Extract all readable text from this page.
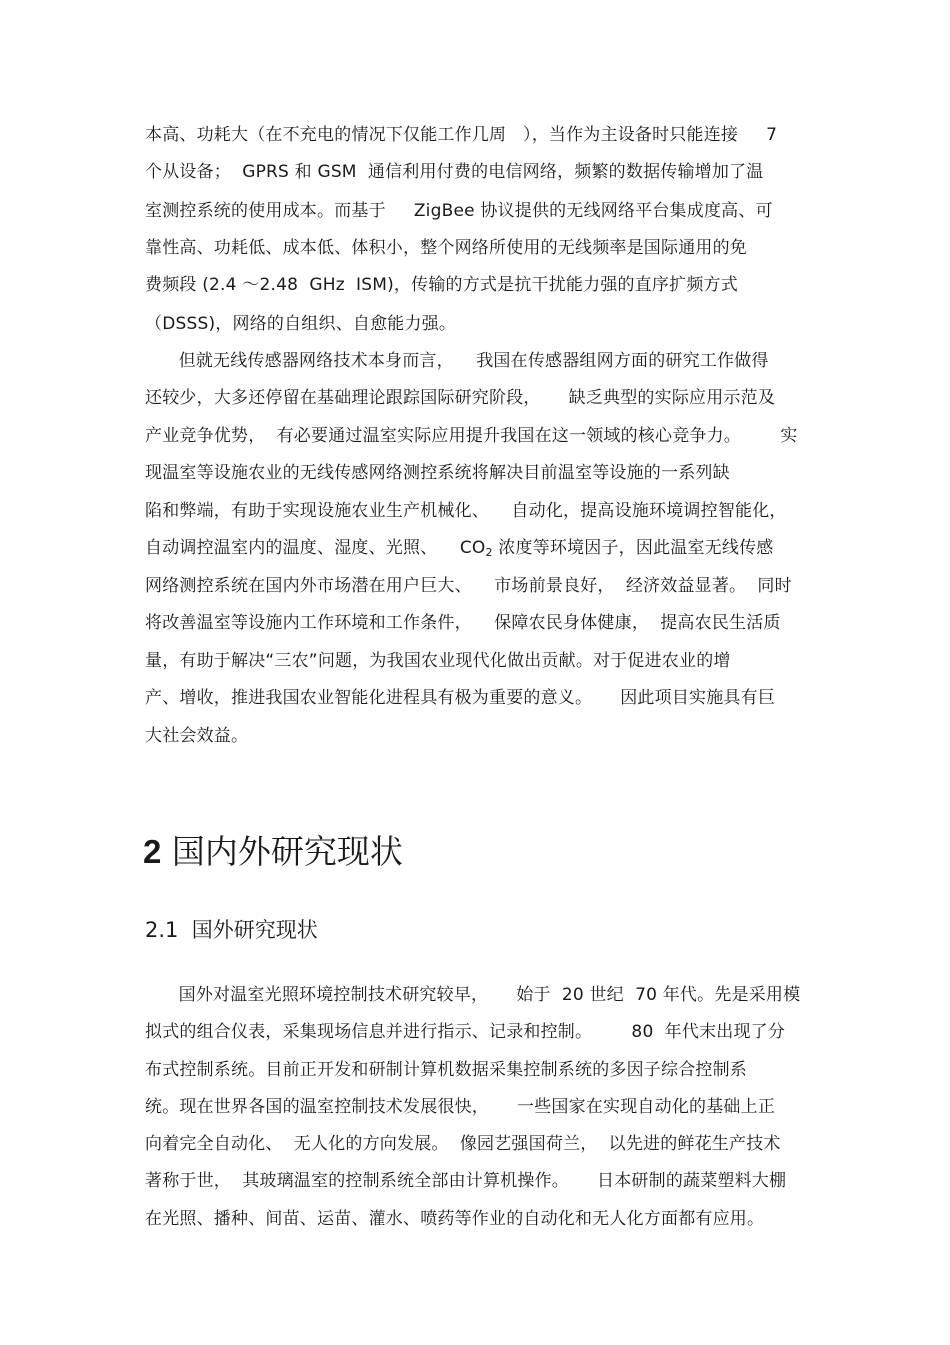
本高、功耗大（在不充电的情况下仅能工作几周   ），当作为主设备时只能连接     7
个从设备；  GPRS 和 GSM  通信利用付费的电信网络，频繁的数据传输增加了温
室测控系统的使用成本。而基于     ZigBee 协议提供的无线网络平台集成度高、可
靠性高、功耗低、成本低、体积小，整个网络所使用的无线频率是国际通用的免
费频段 (2.4 ～2.48  GHz  ISM)，传输的方式是抗干扰能力强的直序扩频方式
（DSSS)，网络的自组织、自愈能力强。
但就无线传感器网络技术本身而言，    我国在传感器组网方面的研究工作做得
还较少，大多还停留在基础理论跟踪国际研究阶段，     缺乏典型的实际应用示范及
产业竞争优势，  有必要通过温室实际应用提升我国在这一领域的核心竞争力。       实
现温室等设施农业的无线传感网络测控系统将解决目前温室等设施的一系列缺
陷和弊端，有助于实现设施农业生产机械化、    自动化，提高设施环境调控智能化，
自动调控温室内的温度、湿度、光照、    $CO_2$ 浓度等环境因子，因此温室无线传感
网络测控系统在国内外市场潜在用户巨大、    市场前景良好，  经济效益显著。  同时
将改善温室等设施内工作环境和工作条件，    保障农民身体健康，  提高农民生活质
量，有助于解决“三农”问题，为我国农业现代化做出贡献。对于促进农业的增
产、增收，推进我国农业智能化进程具有极为重要的意义。     因此项目实施具有巨
大社会效益。
2 国内外研究现状
2.1  国外研究现状
国外对温室光照环境控制技术研究较早，     始于  20 世纪  70 年代。先是采用模
拟式的组合仪表，采集现场信息并进行指示、记录和控制。       80  年代末出现了分
布式控制系统。目前正开发和研制计算机数据采集控制系统的多因子综合控制系
统。现在世界各国的温室控制技术发展很快，     一些国家在实现自动化的基础上正
向着完全自动化、  无人化的方向发展。  像园艺强国荷兰，  以先进的鲜花生产技术
著称于世，  其玻璃温室的控制系统全部由计算机操作。     日本研制的蔬菜塑料大棚
在光照、播种、间苗、运苗、灌水、喷药等作业的自动化和无人化方面都有应用。
